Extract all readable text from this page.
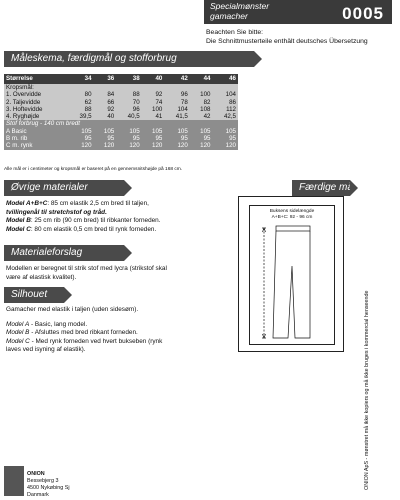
Specialmønster
gamacher	0005
Beachten Sie bitte:
Die Schnittmusterteile enthält deutsches Übersetzung
Måleskema, færdigmål og stofforbrug
Størrelse	34	36	38	40	42	44	46
Kropsmål:							
1. Overvidde	80	84	88	92	96	100	104
2. Taljevidde	62	66	70	74	78	82	86
3. Hoftevidde	88	92	96	100	104	108	112
4. Ryghøjde	39,5	40	40,5	41	41,5	42	42,5
Stof forbrug - 140 cm bredt							
A Basic	105	105	105	105	105	105	105
B m. rib	95	95	95	95	95	95	95
C m. rynk	120	120	120	120	120	120	120
Alle mål er i centimeter og kropsmål er baseret på en gennemsnitshøjde på 168 cm.
Øvrige materialer
Model A+B+C: 85 cm elastik 2,5 cm bred til taljen,
tvillingenål til stretchstof og tråd.
Model B: 25 cm rib (90 cm bred) til ribkanter forneden.
Model C: 80 cm elastik 0,5 cm bred til rynk forneden.
Materialeforslag
Modellen er beregnet til strik stof med lycra (strikstof skal
være af elastisk kvalitet).
Silhouet
Gamacher med elastik i taljen (uden sidesøm).
Model A - Basic, lang model.
Model B - Afsluttes med bred ribkant forneden.
Model C - Med rynk forneden ved hvert bukseben (rynk
laves ved isyning af elastik).
Færdige mål
Buksens sidelængde
A+B+C: 92 - 96 cm
ONION
Bessebjerg 3
4500 Nykøbing Sj
Danmark
ONION ApS - mønstret må ikke kopiers og må ikke bruges i kommercial henseende
